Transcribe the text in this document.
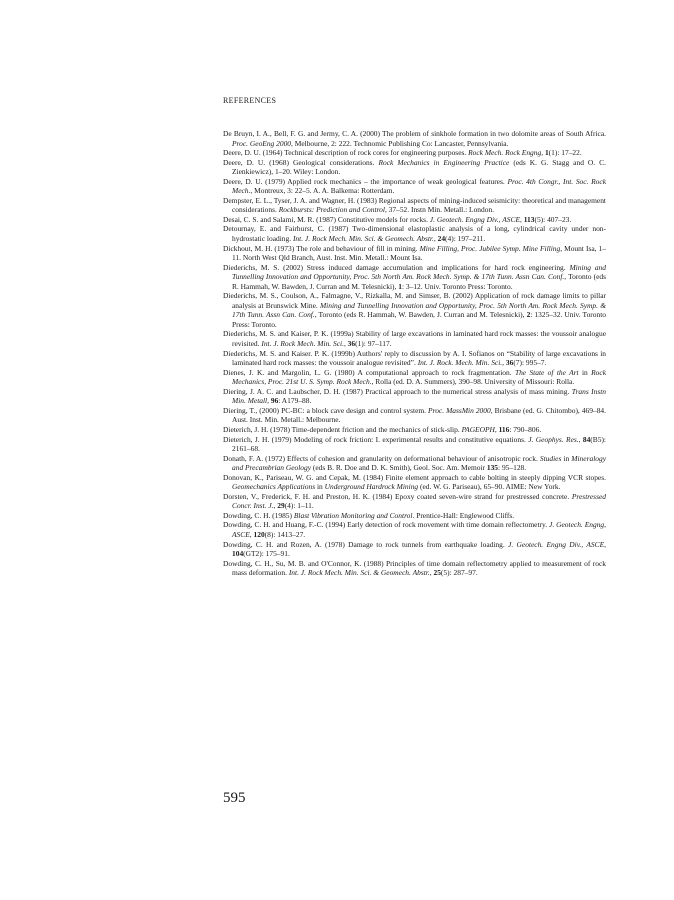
REFERENCES
De Bruyn, I. A., Bell, F. G. and Jermy, C. A. (2000) The problem of sinkhole formation in two dolomite areas of South Africa. Proc. GeoEng 2000, Melbourne, 2: 222. Technomic Publishing Co: Lancaster, Pennsylvania.
Deere, D. U. (1964) Technical description of rock cores for engineering purposes. Rock Mech. Rock Engng, 1(1): 17–22.
Deere, D. U. (1968) Geological considerations. Rock Mechanics in Engineering Practice (eds K. G. Stagg and O. C. Zienkiewicz), 1–20. Wiley: London.
Deere, D. U. (1979) Applied rock mechanics – the importance of weak geological features. Proc. 4th Congr., Int. Soc. Rock Mech., Montreux, 3: 22–5. A. A. Balkema: Rotterdam.
Dempster, E. L., Tyser, J. A. and Wagner, H. (1983) Regional aspects of mining-induced seismicity: theoretical and management considerations. Rockbursts: Prediction and Control, 37–52. Instn Min. Metall.: London.
Desai, C. S. and Salami, M. R. (1987) Constitutive models for rocks. J. Geotech. Engng Div., ASCE, 113(5): 407–23.
Detournay, E. and Fairhurst, C. (1987) Two-dimensional elastoplastic analysis of a long, cylindrical cavity under non-hydrostatic loading. Int. J. Rock Mech. Min. Sci. & Geomech. Abstr., 24(4): 197–211.
Dickhout, M. H. (1973) The role and behaviour of fill in mining. Mine Filling, Proc. Jubilee Symp. Mine Filling, Mount Isa, 1–11. North West Qld Branch, Aust. Inst. Min. Metall.: Mount Isa.
Diederichs, M. S. (2002) Stress induced damage accumulation and implications for hard rock engineering. Mining and Tunnelling Innovation and Opportunity, Proc. 5th North Am. Rock Mech. Symp. & 17th Tunn. Assn Can. Conf., Toronto (eds R. Hammah, W. Bawden, J. Curran and M. Telesnicki), 1: 3–12. Univ. Toronto Press: Toronto.
Diederichs, M. S., Coulson, A., Falmagne, V., Rizkalla, M. and Simser, B. (2002) Application of rock damage limits to pillar analysis at Brunswick Mine. Mining and Tunnelling Innovation and Opportunity, Proc. 5th North Am. Rock Mech. Symp. & 17th Tunn. Assn Can. Conf., Toronto (eds R. Hammah, W. Bawden, J. Curran and M. Telesnicki), 2: 1325–32. Univ. Toronto Press: Toronto.
Diederichs, M. S. and Kaiser, P. K. (1999a) Stability of large excavations in laminated hard rock masses: the voussoir analogue revisited. Int. J. Rock Mech. Min. Sci., 36(1): 97–117.
Diederichs, M. S. and Kaiser. P. K. (1999b) Authors' reply to discussion by A. I. Sofianos on “Stability of large excavations in laminated hard rock masses: the voussoir analogue revisited”. Int. J. Rock. Mech. Min. Sci., 36(7): 995–7.
Dienes, J. K. and Margolin, L. G. (1980) A computational approach to rock fragmentation. The State of the Art in Rock Mechanics, Proc. 21st U. S. Symp. Rock Mech., Rolla (ed. D. A. Summers), 390–98. University of Missouri: Rolla.
Diering, J. A. C. and Laubscher, D. H. (1987) Practical approach to the numerical stress analysis of mass mining. Trans Instn Min. Metall, 96: A179–88.
Diering, T., (2000) PC-BC: a block cave design and control system. Proc. MassMin 2000, Brisbane (ed. G. Chitombo), 469–84. Aust. Inst. Min. Metall.: Melbourne.
Dieterich, J. H. (1978) Time-dependent friction and the mechanics of stick-slip. PAGEOPH, 116: 790–806.
Dieterich, J. H. (1979) Modeling of rock friction: I. experimental results and constitutive equations. J. Geophys. Res., 84(B5): 2161–68.
Donath, F. A. (1972) Effects of cohesion and granularity on deformational behaviour of anisotropic rock. Studies in Mineralogy and Precambrian Geology (eds B. R. Doe and D. K. Smith), Geol. Soc. Am. Memoir 135: 95–128.
Donovan, K., Pariseau, W. G. and Cepak, M. (1984) Finite element approach to cable bolting in steeply dipping VCR stopes. Geomechanics Applications in Underground Hardrock Mining (ed. W. G. Pariseau), 65–90. AIME: New York.
Dorsten, V., Frederick, F. H. and Preston, H. K. (1984) Epoxy coated seven-wire strand for prestressed concrete. Prestressed Concr. Inst. J., 29(4): 1–11.
Dowding, C. H. (1985) Blast Vibration Monitoring and Control. Prentice-Hall: Englewood Cliffs.
Dowding, C. H. and Huang, F.-C. (1994) Early detection of rock movement with time domain reflectometry. J. Geotech. Engng, ASCE, 120(8): 1413–27.
Dowding, C. H. and Rozen, A. (1978) Damage to rock tunnels from earthquake loading. J. Geotech. Engng Div., ASCE, 104(GT2): 175–91.
Dowding, C. H., Su, M. B. and O'Connor, K. (1988) Principles of time domain reflectometry applied to measurement of rock mass deformation. Int. J. Rock Mech. Min. Sci. & Geomech. Abstr., 25(5): 287–97.
595
